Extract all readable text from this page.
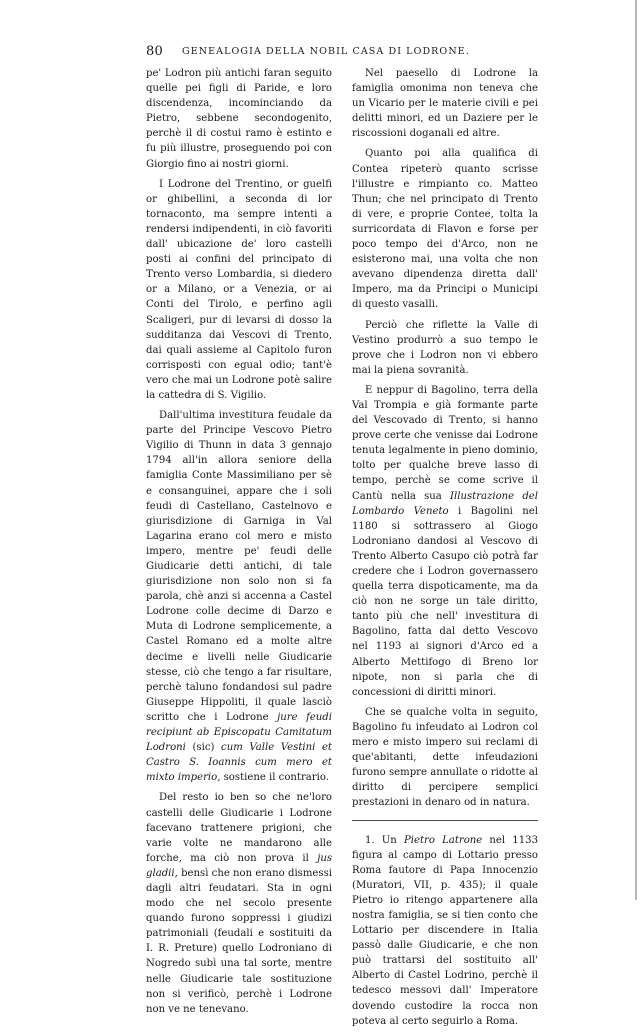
80 GENEALOGIA DELLA NOBIL CASA DI LODRONE.

pe' Lodron più antichi faran seguito quelle pei figli di Paride, e loro discendenza, incominciando da Pietro, sebbene secondogenito, perchè il di costui ramo è estinto e fu più illustre, proseguendo poi con Giorgio fino ai nostri giorni.

I Lodrone del Trentino, or guelfi or ghibellini, a seconda di lor tornaconto, ma sempre intenti a rendersi indipendenti, in ciò favoriti dall' ubicazione de' loro castelli posti ai confini del principato di Trento verso Lombardia, si diedero or a Milano, or a Venezia, or ai Conti del Tirolo, e perfino agli Scaligeri, pur di levarsi di dosso la sudditanza dai Vescovi di Trento, dai quali assieme al Capitolo furon corrisposti con egual odio; tant'è vero che mai un Lodrone potè salire la cattedra di S. Vigilio.

Dall'ultima investitura feudale da parte del Principe Vescovo Pietro Vigilio di Thunn in data 3 gennajo 1794 all'in allora seniore della famiglia Conte Massimiliano per sè e consanguinei, appare che i soli feudi di Castellano, Castelnovo e giurisdizione di Garniga in Val Lagarina erano col mero e misto impero, mentre pe' feudi delle Giudicarie detti antichi, di tale giurisdizione non solo non si fa parola, chè anzi si accenna a Castel Lodrone colle decime di Darzo e Muta di Lodrone semplicemente, a Castel Romano ed a molte altre decime e livelli nelle Giudicarie stesse, ciò che tengo a far risultare, perchè taluno fondandosi sul padre Giuseppe Hippoliti, il quale lasciò scritto che i Lodrone jure feudi recipiunt ab Episcopatu Camitatum Lodroni (sic) cum Valle Vestini et Castro S. Ioannis cum mero et mixto imperio, sostiene il contrario.

Del resto io ben so che ne'loro castelli delle Giudicarie i Lodrone facevano trattenere prigioni, che varie volte ne mandarono alle forche, ma ciò non prova il jus gladii, bensì che non erano dismessi dagli altri feudatari. Sta in ogni modo che nel secolo presente quando furono soppressi i giudizi patrimoniali (feudali e sostituiti da I. R. Preture) quello Lodroniano di Nogredo subì una tal sorte, mentre nelle Giudicarie tale sostituzione non si verificò, perchè i Lodrone non ve ne tenevano.

Nel paesello di Lodrone la famiglia omonima non teneva che un Vicario per le materie civili e pei delitti minori, ed un Daziere per le riscossioni doganali ed altre.

Quanto poi alla qualifica di Contea ripeterò quanto scrisse l'illustre e rimpianto co. Matteo Thun; che nel principato di Trento di vere, e proprie Contee, tolta la surricordata di Flavon e forse per poco tempo dei d'Arco, non ne esisterono mai, una volta che non avevano dipendenza diretta dall' Impero, ma da Principi o Municipi di questo vasalli.

Perciò che riflette la Valle di Vestino produrrò a suo tempo le prove che i Lodron non vi ebbero mai la piena sovranità.

E neppur di Bagolino, terra della Val Trompia e già formante parte del Vescovado di Trento, si hanno prove certe che venisse dai Lodrone tenuta legalmente in pieno dominio, tolto per qualche breve lasso di tempo, perchè se come scrive il Cantù nella sua Illustrazione del Lombardo Veneto i Bagolini nel 1180 si sottrassero al Giogo Lodroniano dandosi al Vescovo di Trento Alberto Casupo ciò potrà far credere che i Lodron governassero quella terra dispoticamente, ma da ciò non ne sorge un tale diritto, tanto più che nell' investitura di Bagolino, fatta dal detto Vescovo nel 1193 ai signori d'Arco ed a Alberto Mettifogo di Breno lor nipote, non si parla che di concessioni di diritti minori.

Che se qualche volta in seguito, Bagolino fu infeudato ai Lodron col mero e misto impero sui reclami di que'abitanti, dette infeudazioni furono sempre annullate o ridotte al diritto di percipere semplici prestazioni in denaro od in natura.

1. Un Pietro Latrone nel 1133 figura al campo di Lottario presso Roma fautore di Papa Innocenzio (Muratori, VII, p. 435); il quale Pietro io ritengo appartenere alla nostra famiglia, se si tien conto che Lottario per discendere in Italia passò dalle Giudicarie, e che non può trattarsi del sostituito all' Alberto di Castel Lodrino, perchè il tedesco messovi dall' Imperatore dovendo custodire la rocca non poteva al certo seguirlo a Roma.
